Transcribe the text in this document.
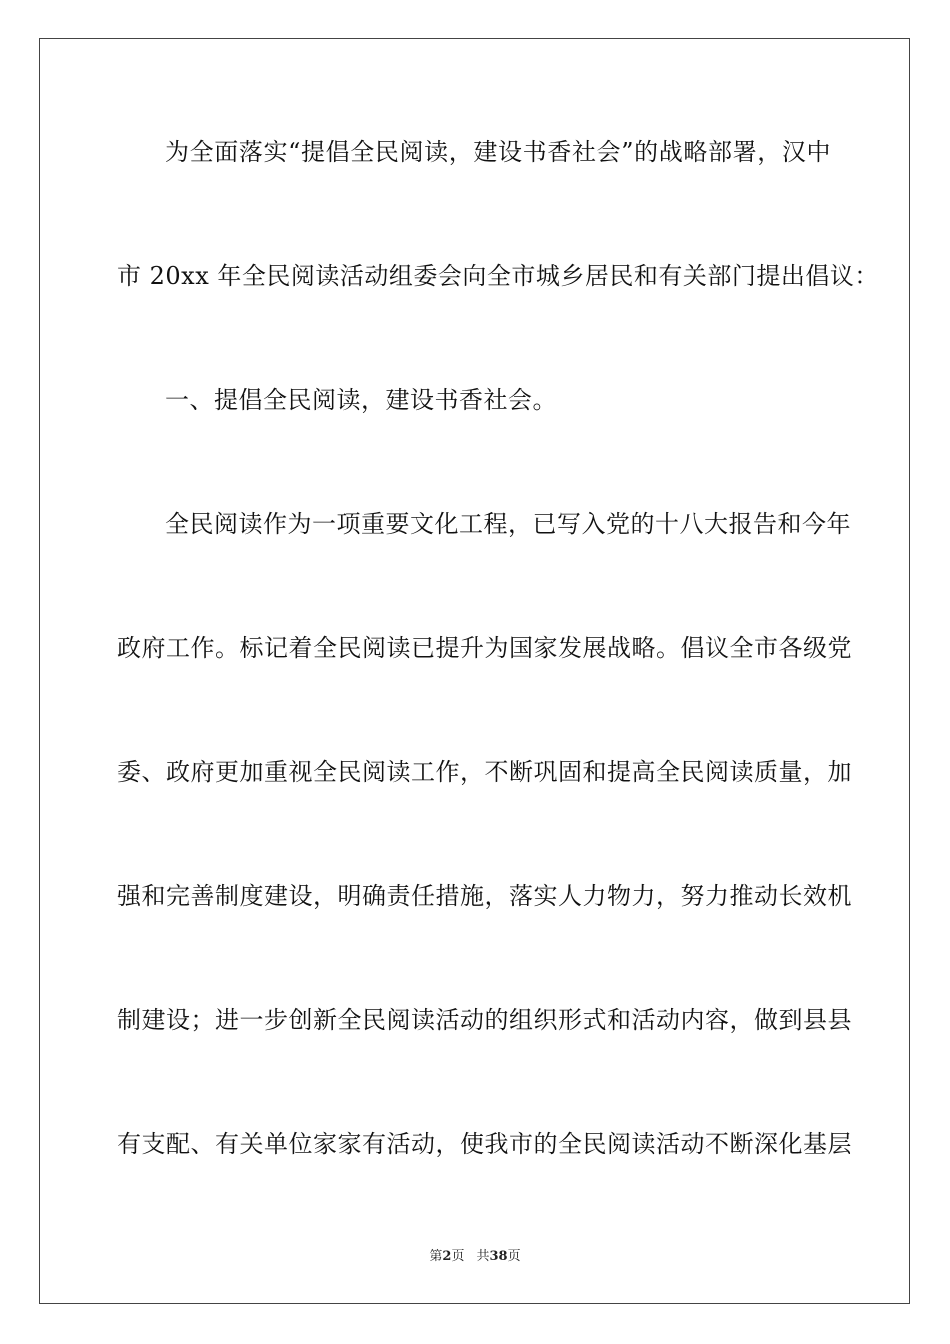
为全面落实“提倡全民阅读，建设书香社会”的战略部署，汉中
市 20xx 年全民阅读活动组委会向全市城乡居民和有关部门提出倡议：
一、提倡全民阅读，建设书香社会。
全民阅读作为一项重要文化工程，已写入党的十八大报告和今年
政府工作。标记着全民阅读已提升为国家发展战略。倡议全市各级党
委、政府更加重视全民阅读工作，不断巩固和提高全民阅读质量，加
强和完善制度建设，明确责任措施，落实人力物力，努力推动长效机
制建设；进一步创新全民阅读活动的组织形式和活动内容，做到县县
有支配、有关单位家家有活动，使我市的全民阅读活动不断深化基层
第2页 共38页
